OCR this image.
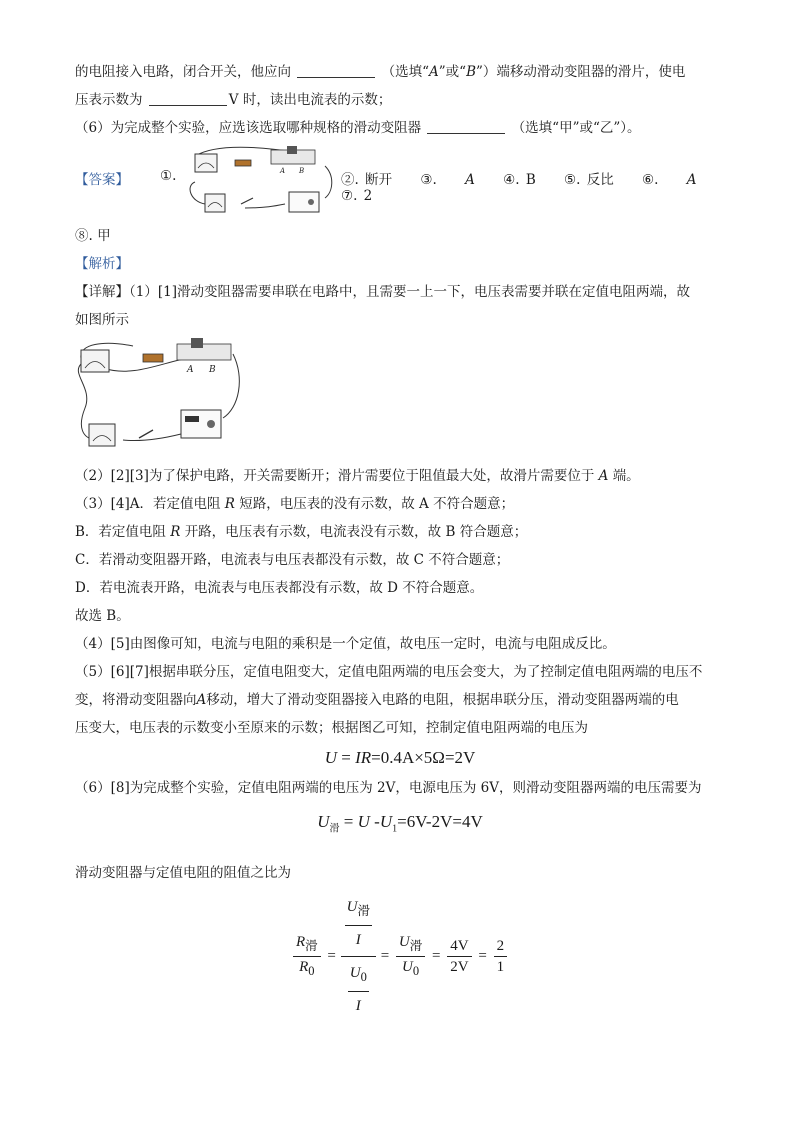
的电阻接入电路，闭合开关，他应向	（选填“A”或“B”）端移动滑动变阻器的滑片，使电
压表示数为	V 时，读出电流表的示数；
（6）为完成整个实验，应选该选取哪种规格的滑动变阻器	（选填“甲”或“乙”）。
【答案】 ①.	A B
②. 断开 ③. A ④. B ⑤. 反比 ⑥. A ⑦. 2
⑧. 甲
【解析】
【详解】（1）[1]滑动变阻器需要串联在电路中，且需要一上一下，电压表需要并联在定值电阻两端，故
如图所示
A B
（2）[2][3]为了保护电路，开关需要断开；滑片需要位于阻值最大处，故滑片需要位于 A 端。
（3）[4]A．若定值电阻 R 短路，电压表的没有示数，故 A 不符合题意；
B．若定值电阻 R 开路，电压表有示数，电流表没有示数，故 B 符合题意；
C．若滑动变阻器开路，电流表与电压表都没有示数，故 C 不符合题意；
D．若电流表开路，电流表与电压表都没有示数，故 D 不符合题意。
故选 B。
（4）[5]由图像可知，电流与电阻的乘积是一个定值，故电压一定时，电流与电阻成反比。
（5）[6][7]根据串联分压，定值电阻变大，定值电阻两端的电压会变大，为了控制定值电阻两端的电压不
变，将滑动变阻器向A移动，增大了滑动变阻器接入电路的电阻，根据串联分压，滑动变阻器两端的电
压变大，电压表的示数变小至原来的示数；根据图乙可知，控制定值电阻两端的电压为
U = IR=0.4A×5Ω=2V
（6）[8]为完成整个实验，定值电阻两端的电压为 2V，电源电压为 6V，则滑动变阻器两端的电压需要为
$U_滑 = U$ $-U_1=6V-2V=4V$
滑动变阻器与定值电阻的阻值之比为
$\frac{R_滑}{R_0} = \frac{\frac{U_滑}{I}}{\frac{U_0}{I}} = \frac{U_滑}{U_0} = \frac{4V}{2V} = \frac{2}{1}$
